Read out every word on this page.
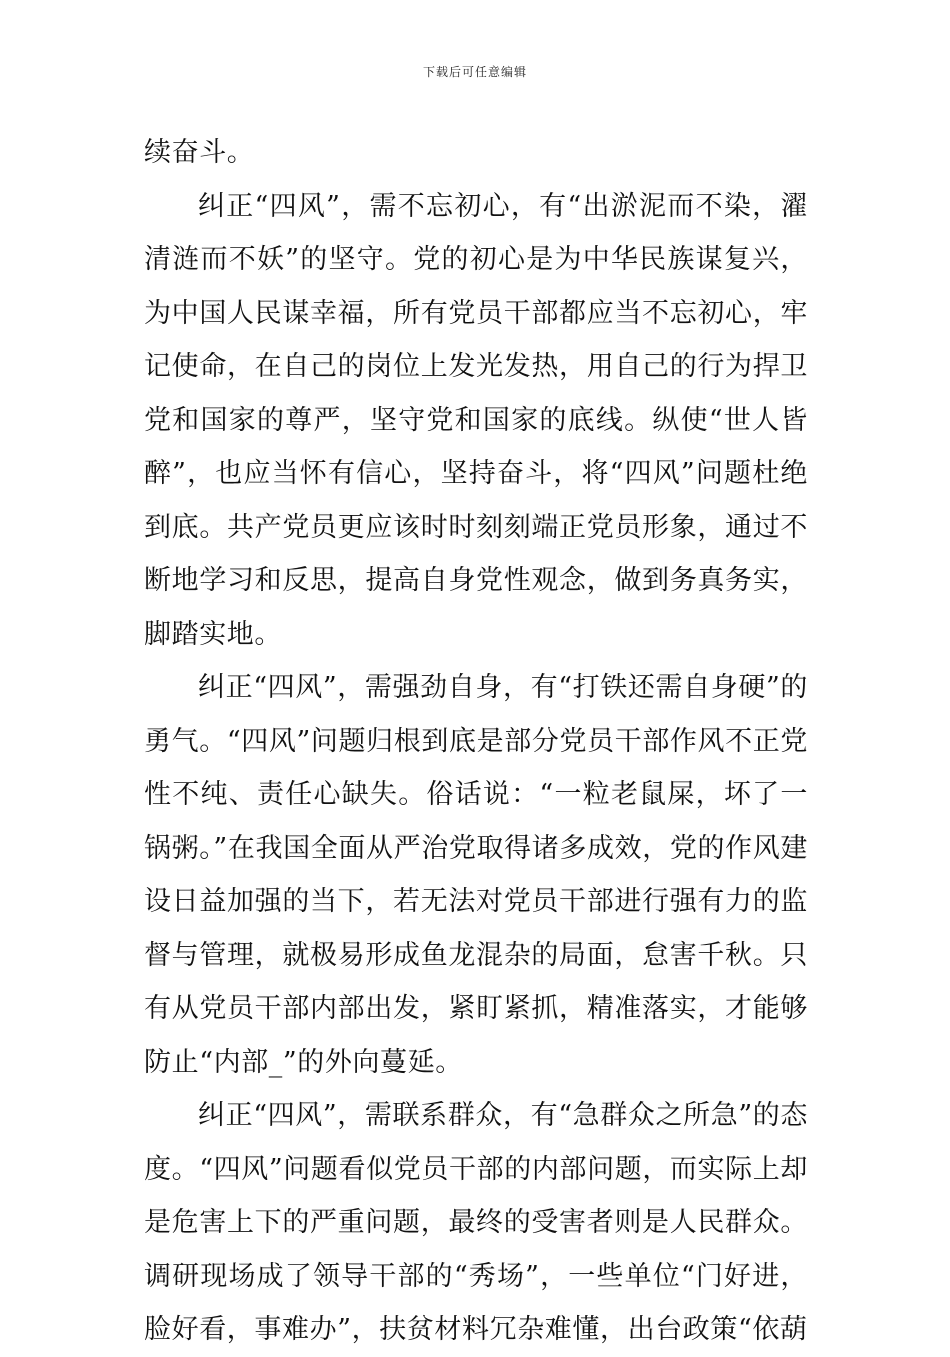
下载后可任意编辑

续奋斗。

纠正“四风”，需不忘初心，有“出淤泥而不染，濯清涟而不妖”的坚守。党的初心是为中华民族谋复兴，为中国人民谋幸福，所有党员干部都应当不忘初心，牢记使命，在自己的岗位上发光发热，用自己的行为捍卫党和国家的尊严，坚守党和国家的底线。纵使“世人皆醉”，也应当怀有信心，坚持奋斗，将“四风”问题杜绝到底。共产党员更应该时时刻刻端正党员形象，通过不断地学习和反思，提高自身党性观念，做到务真务实，脚踏实地。

纠正“四风”，需强劲自身，有“打铁还需自身硬”的勇气。“四风”问题归根到底是部分党员干部作风不正党性不纯、责任心缺失。俗话说：“一粒老鼠屎，坏了一锅粥。”在我国全面从严治党取得诸多成效，党的作风建设日益加强的当下，若无法对党员干部进行强有力的监督与管理，就极易形成鱼龙混杂的局面，怠害千秋。只有从党员干部内部出发，紧盯紧抓，精准落实，才能够防止“内部_”的外向蔓延。

纠正“四风”，需联系群众，有“急群众之所急”的态度。“四风”问题看似党员干部的内部问题，而实际上却是危害上下的严重问题，最终的受害者则是人民群众。调研现场成了领导干部的“秀场”，一些单位“门好进，脸好看，事难办”，扶贫材料冗杂难懂，出台政策“依葫
